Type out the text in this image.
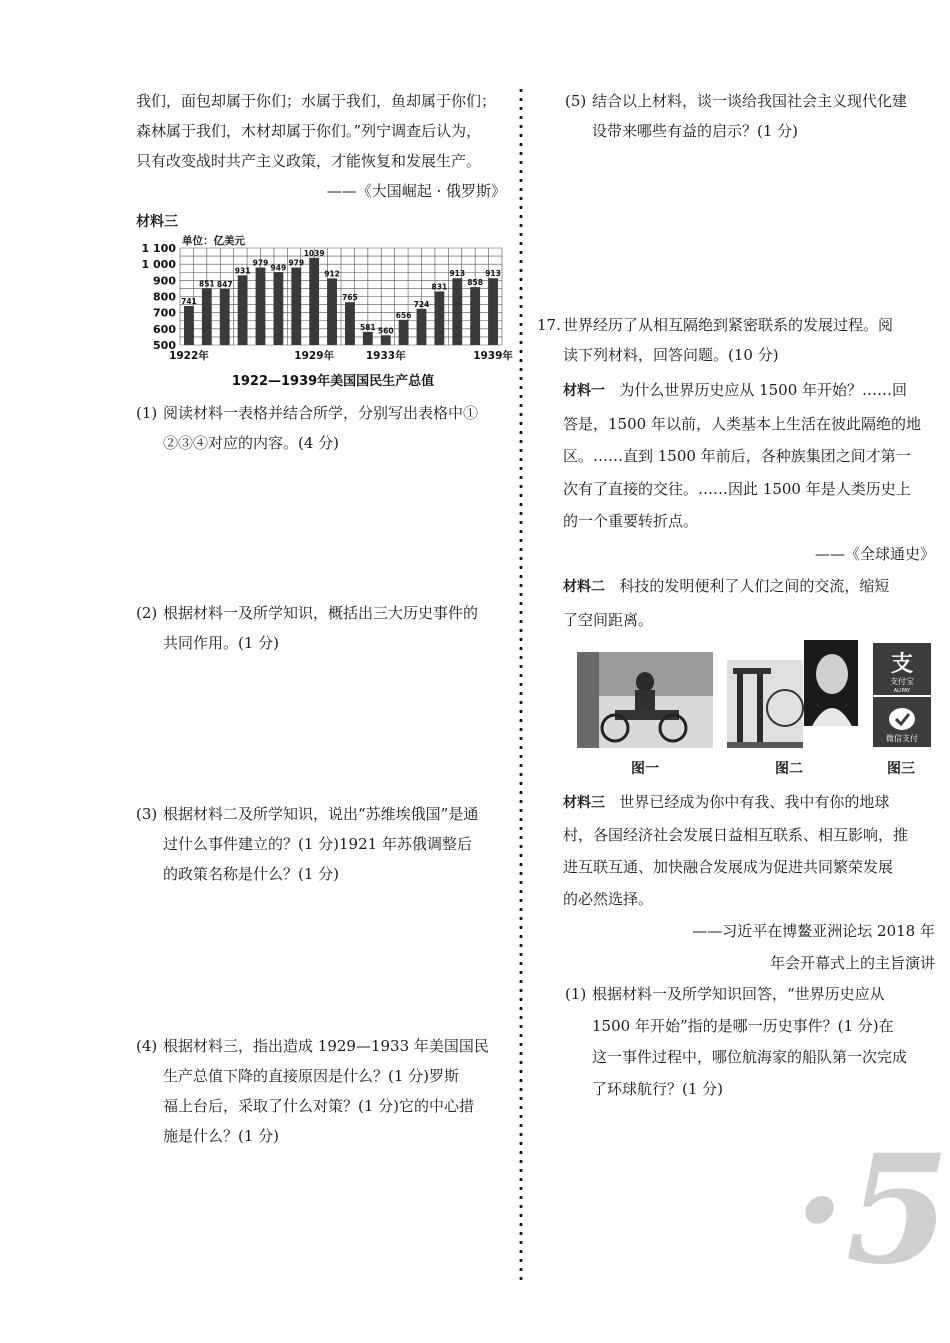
我们，面包却属于你们；水属于我们，鱼却属于你们；

森林属于我们，木材却属于你们。”列宁调查后认为，

只有改变战时共产主义政策，才能恢复和发展生产。

——《大国崛起 · 俄罗斯》

材料三
500
600
700
800
900
1 000
1 100
单位：亿美元
741
851 847
931
979
949
979
1039
912
765
581 560
656
724
831
913
858
913
1922年	1929年	1933年	1939年
1922—1939年美国国民生产总值

(1) 阅读材料一表格并结合所学，分别写出表格中①

②③④对应的内容。(4 分)

(2) 根据材料一及所学知识，概括出三大历史事件的

共同作用。(1 分)

(3) 根据材料二及所学知识，说出“苏维埃俄国”是通

过什么事件建立的？(1 分)1921 年苏俄调整后

的政策名称是什么？(1 分)

(4) 根据材料三，指出造成 1929—1933 年美国国民

生产总值下降的直接原因是什么？(1 分)罗斯

福上台后，采取了什么对策？(1 分)它的中心措

施是什么？(1 分)

(5) 结合以上材料，谈一谈给我国社会主义现代化建

设带来哪些有益的启示？(1 分)

17. 世界经历了从相互隔绝到紧密联系的发展过程。阅

读下列材料，回答问题。(10 分)

材料一 为什么世界历史应从 1500 年开始？……回

答是，1500 年以前，人类基本上生活在彼此隔绝的地

区。……直到 1500 年前后，各种族集团之间才第一

次有了直接的交往。……因此 1500 年是人类历史上

的一个重要转折点。

——《全球通史》

材料二 科技的发明便利了人们之间的交流，缩短

了空间距离。

支
支付宝
ALIPAY
微信支付
图一	图二	图三

材料三 世界已经成为你中有我、我中有你的地球

村，各国经济社会发展日益相互联系、相互影响，推

进互联互通、加快融合发展成为促进共同繁荣发展

的必然选择。

——习近平在博鳌亚洲论坛 2018 年

年会开幕式上的主旨演讲

(1) 根据材料一及所学知识回答，“世界历史应从

1500 年开始”指的是哪一历史事件？(1 分)在

这一事件过程中，哪位航海家的船队第一次完成

了环球航行？(1 分)

·5
